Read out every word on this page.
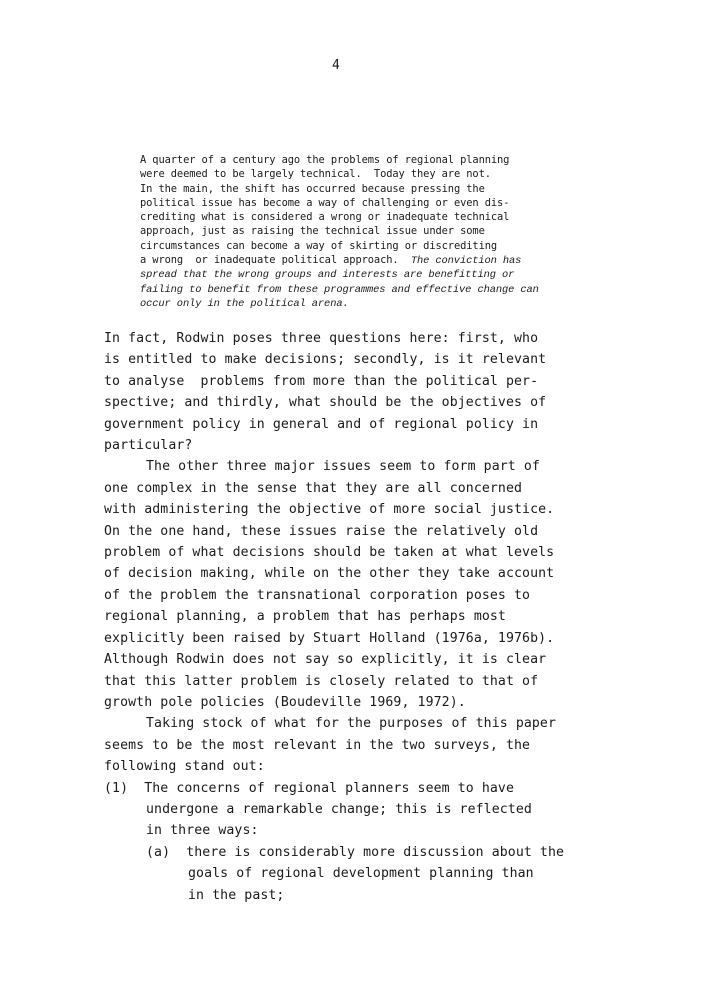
4
A quarter of a century ago the problems of regional planning
were deemed to be largely technical.  Today they are not.
In the main, the shift has occurred because pressing the
political issue has become a way of challenging or even dis-
crediting what is considered a wrong or inadequate technical
approach, just as raising the technical issue under some
circumstances can become a way of skirting or discrediting
a wrong  or inadequate political approach. The conviction has
spread that the wrong groups and interests are benefitting or
failing to benefit from these programmes and effective change can
occur only in the political arena.
In fact, Rodwin poses three questions here: first, who
is entitled to make decisions; secondly, is it relevant
to analyse  problems from more than the political per-
spective; and thirdly, what should be the objectives of
government policy in general and of regional policy in
particular?
The other three major issues seem to form part of
one complex in the sense that they are all concerned
with administering the objective of more social justice.
On the one hand, these issues raise the relatively old
problem of what decisions should be taken at what levels
of decision making, while on the other they take account
of the problem the transnational corporation poses to
regional planning, a problem that has perhaps most
explicitly been raised by Stuart Holland (1976a, 1976b).
Although Rodwin does not say so explicitly, it is clear
that this latter problem is closely related to that of
growth pole policies (Boudeville 1969, 1972).
Taking stock of what for the purposes of this paper
seems to be the most relevant in the two surveys, the
following stand out:
(1)  The concerns of regional planners seem to have
undergone a remarkable change; this is reflected
in three ways:
(a)  there is considerably more discussion about the
goals of regional development planning than
in the past;
